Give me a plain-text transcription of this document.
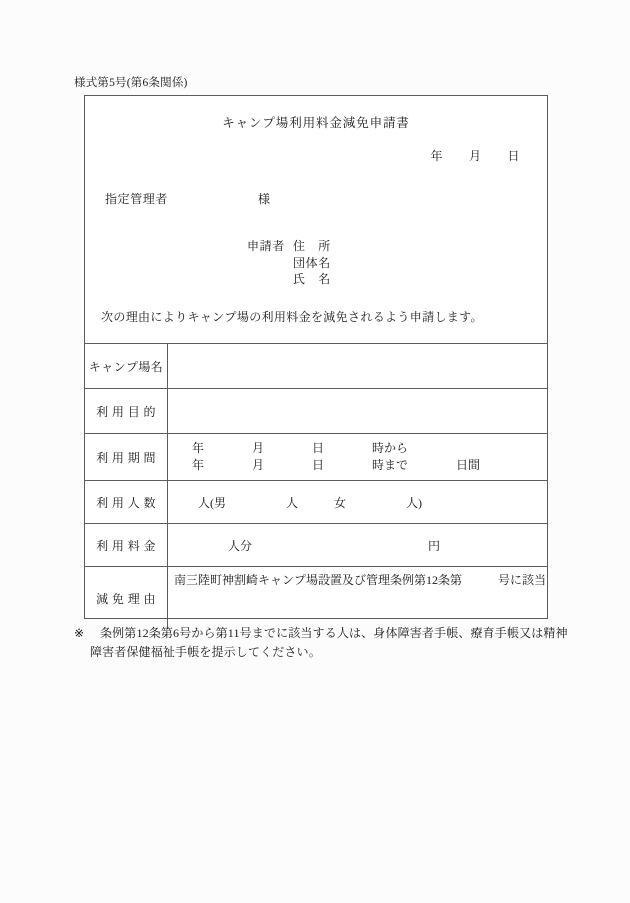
様式第5号(第6条関係)
キャンプ場利用料金減免申請書
年 月 日
指定管理者	様
申請者 住　所
団体名
氏　名
次の理由によりキャンプ場の利用料金を減免されるよう申請します。
キャンプ場名	
利 用 目 的	
利 用 期 間	年　　　　月　　　　日　　　　時から
年　　　　月　　　　日　　　　時まで　　　　日間

利 用 人 数	人(男　　　　　人　　　女　　　　　人)

利 用 料 金	人分 円

減 免 理 由	南三陸町神割崎キャンプ場設置及び管理条例第12条第　　　号に該当
※ 条例第12条第6号から第11号までに該当する人は、身体障害者手帳、療育手帳又は精神
障害者保健福祉手帳を提示してください。
